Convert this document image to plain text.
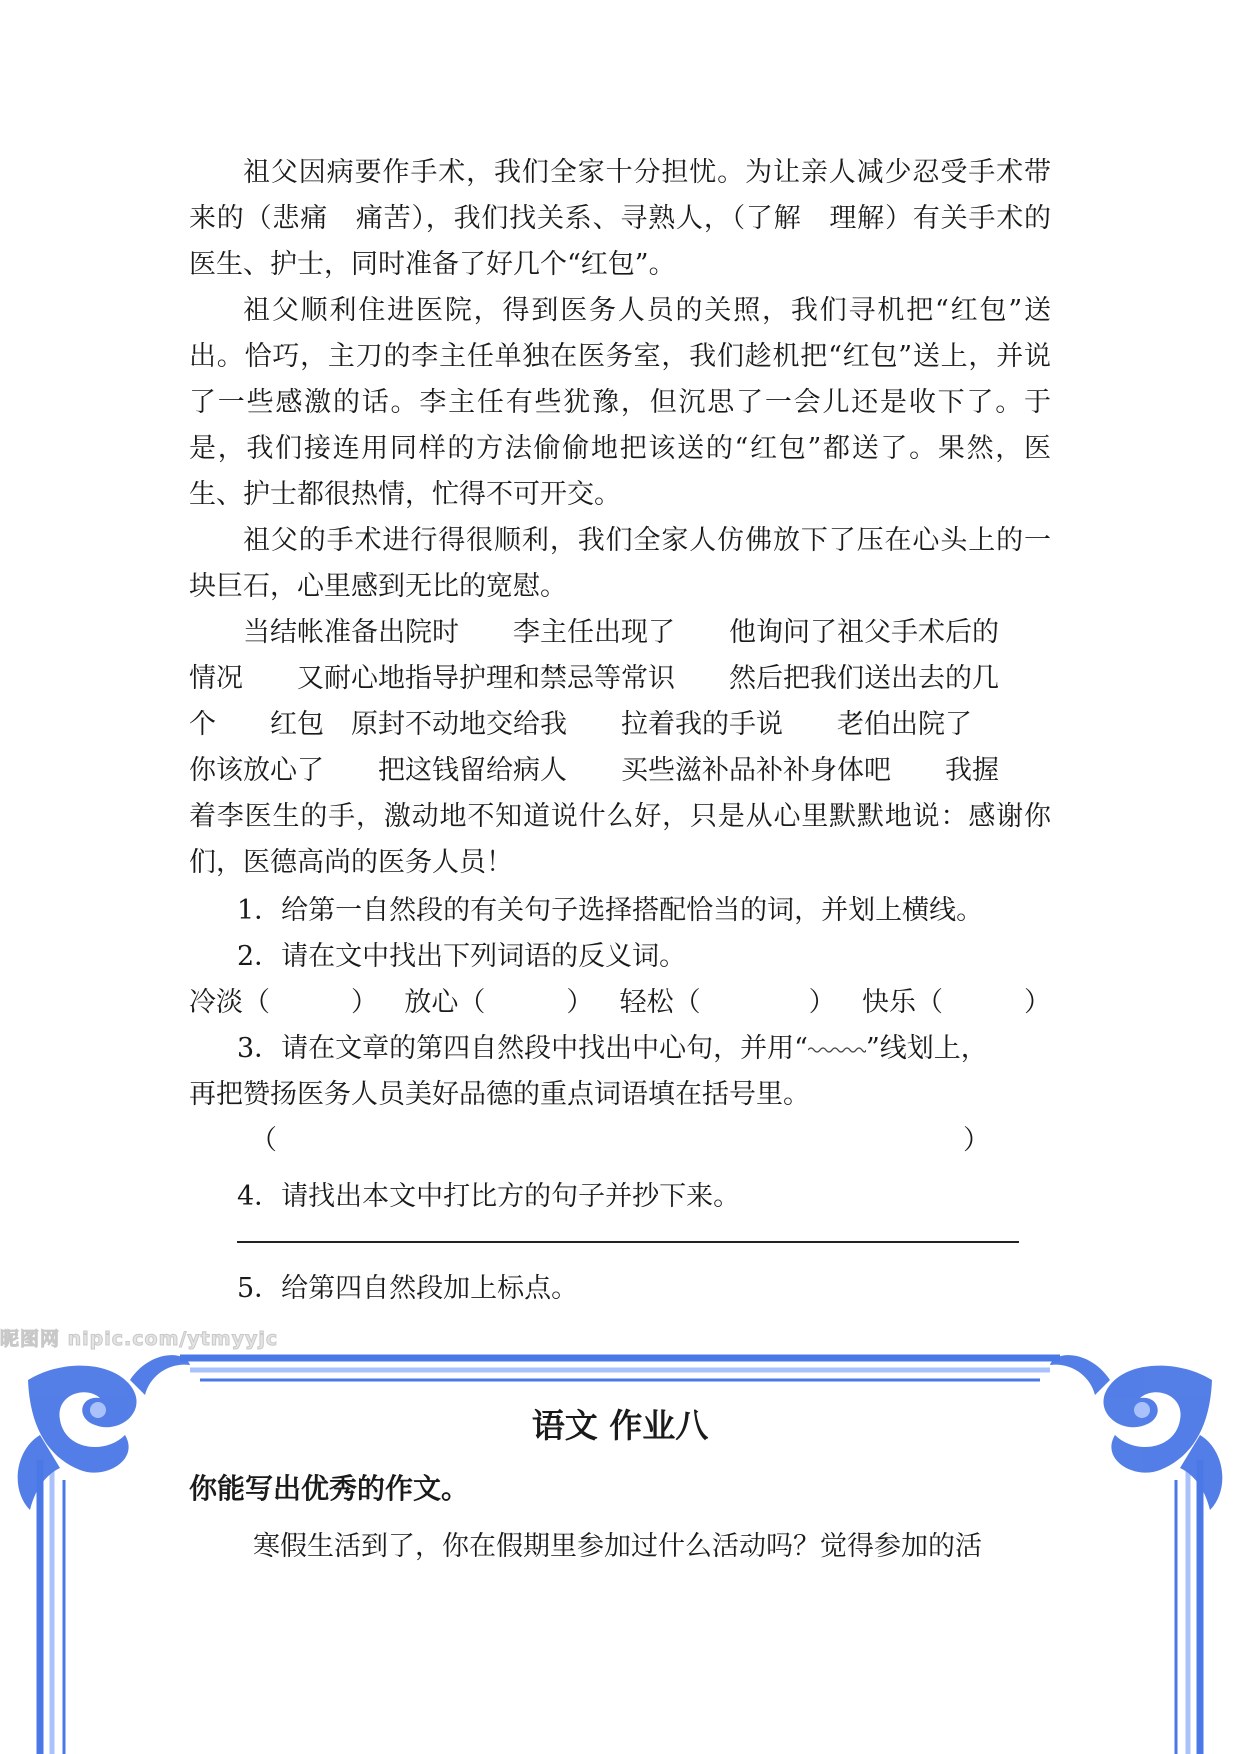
祖父因病要作手术，我们全家十分担忧。为让亲人减少忍受手术带来的（悲痛　痛苦），我们找关系、寻熟人，（了解　理解）有关手术的医生、护士，同时准备了好几个“红包”。

祖父顺利住进医院，得到医务人员的关照，我们寻机把“红包”送出。恰巧，主刀的李主任单独在医务室，我们趁机把“红包”送上，并说了一些感激的话。李主任有些犹豫，但沉思了一会儿还是收下了。于是，我们接连用同样的方法偷偷地把该送的“红包”都送了。果然，医生、护士都很热情，忙得不可开交。

祖父的手术进行得很顺利，我们全家人仿佛放下了压在心头上的一块巨石，心里感到无比的宽慰。

当结帐准备出院时　　李主任出现了　　他询问了祖父手术后的

情况　　又耐心地指导护理和禁忌等常识　　然后把我们送出去的几

个　　红包　原封不动地交给我　　拉着我的手说　　老伯出院了

你该放心了　　把这钱留给病人　　买些滋补品补补身体吧　　我握

着李医生的手，激动地不知道说什么好，只是从心里默默地说：感谢你们，医德高尚的医务人员！

1．给第一自然段的有关句子选择搭配恰当的词，并划上横线。
2．请在文中找出下列词语的反义词。
冷淡（　　　） 放心（　　　） 轻松（　　　　） 快乐（　　　）
3．请在文章的第四自然段中找出中心句，并用“ ”线划上，
再把赞扬医务人员美好品德的重点词语填在括号里。
（	）
4．请找出本文中打比方的句子并抄下来。
5．给第四自然段加上标点。
昵图网 nipic.com/ytmyyjc
语文 作业八
你能写出优秀的作文。
寒假生活到了，你在假期里参加过什么活动吗？觉得参加的活
